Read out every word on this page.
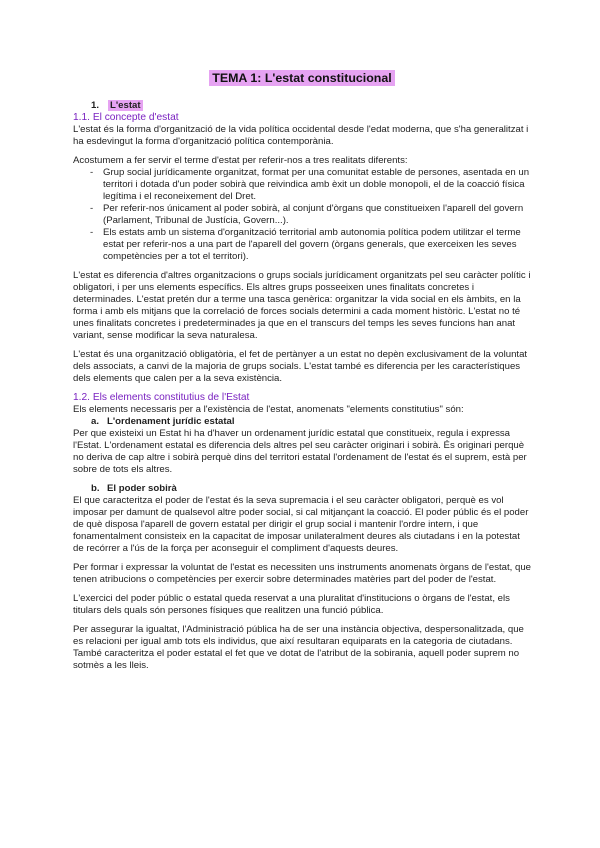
TEMA 1: L'estat constitucional
1. L'estat
1.1. El concepte d'estat

L'estat és la forma d'organització de la vida política occidental desde l'edat moderna, que s'ha generalitzat i ha esdevingut la forma d'organització política contemporània.

Acostumem a fer servir el terme d'estat per referir-nos a tres realitats diferents:

- Grup social jurídicamente organitzat, format per una comunitat estable de persones, asentada en un territori i dotada d'un poder sobirà que reivindica amb èxit un doble monopoli, el de la coacció física legítima i el reconeixement del Dret.
- Per referir-nos únicament al poder sobirà, al conjunt d'òrgans que constitueixen l'aparell del govern (Parlament, Tribunal de Justícia, Govern...).
- Els estats amb un sistema d'organització territorial amb autonomia política podem utilitzar el terme estat per referir-nos a una part de l'aparell del govern (òrgans generals, que exerceixen les seves competències per a tot el territori).

L'estat es diferencia d'altres organitzacions o grups socials jurídicament organitzats pel seu caràcter polític i obligatori, i per uns elements específics. Els altres grups posseeixen unes finalitats concretes i determinades. L'estat pretén dur a terme una tasca genèrica: organitzar la vida social en els àmbits, en la forma i amb els mitjans que la correlació de forces socials determini a cada moment històric. L'estat no té unes finalitats concretes i predeterminades ja que en el transcurs del temps les seves funcions han anat variant, sense modificar la seva naturalesa.

L'estat és una organització obligatòria, el fet de pertànyer a un estat no depèn exclusivament de la voluntat dels associats, a canvi de la majoria de grups socials. L'estat també es diferencia per les característiques dels elements que calen per a la seva existència.

1.2. Els elements constitutius de l'Estat

Els elements necessaris per a l'existència de l'estat, anomenats "elements constitutius" són:

a. L'ordenament jurídic estatal

Per que existeixi un Estat hi ha d'haver un ordenament jurídic estatal que constitueix, regula i expressa l'Estat. L'ordenament estatal es diferencia dels altres pel seu caràcter originari i sobirà. És originari perquè no deriva de cap altre i sobirà perquè dins del territori estatal l'ordenament de l'estat és el suprem, està per sobre de tots els altres.

b. El poder sobirà

El que caracteritza el poder de l'estat és la seva supremacia i el seu caràcter obligatori, perquè es vol imposar per damunt de qualsevol altre poder social, si cal mitjançant la coacció. El poder públic és el poder de què disposa l'aparell de govern estatal per dirigir el grup social i mantenir l'ordre intern, i que fonamentalment consisteix en la capacitat de imposar unilateralment deures als ciutadans i en la potestat de recórrer a l'ús de la força per aconseguir el compliment d'aquests deures.

Per formar i expressar la voluntat de l'estat es necessiten uns instruments anomenats òrgans de l'estat, que tenen atribucions o competències per exercir sobre determinades matèries part del poder de l'estat.

L'exercici del poder públic o estatal queda reservat a una pluralitat d'institucions o òrgans de l'estat, els titulars dels quals són persones físiques que realitzen una funció pública.

Per assegurar la igualtat, l'Administració pública ha de ser una instància objectiva, despersonalitzada, que es relacioni per igual amb tots els individus, que així resultaran equiparats en la categoria de ciutadans. També caracteritza el poder estatal el fet que ve dotat de l'atribut de la sobirania, aquell poder suprem no sotmès a les lleis.
